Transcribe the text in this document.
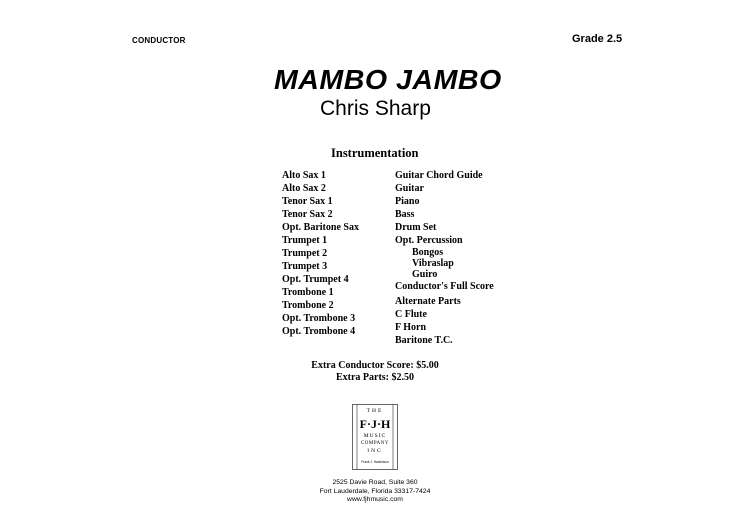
CONDUCTOR	Grade 2.5
MAMBO JAMBO
Chris Sharp
Instrumentation
Alto Sax 1
Alto Sax 2
Tenor Sax 1
Tenor Sax 2
Opt. Baritone Sax
Trumpet 1
Trumpet 2
Trumpet 3
Opt. Trumpet 4
Trombone 1
Trombone 2
Opt. Trombone 3
Opt. Trombone 4
Guitar Chord Guide
Guitar
Piano
Bass
Drum Set
Opt. Percussion
Bongos
Vibraslap
Guiro
Conductor's Full Score
Alternate Parts
C Flute
F Horn
Baritone T.C.
Extra Conductor Score: $5.00
Extra Parts: $2.50
THE
F·J·H
MUSIC
COMPANY
INC
Frank J. Hackinson
2525 Davie Road, Suite 360
Fort Lauderdale, Florida 33317-7424
www.fjhmusic.com
